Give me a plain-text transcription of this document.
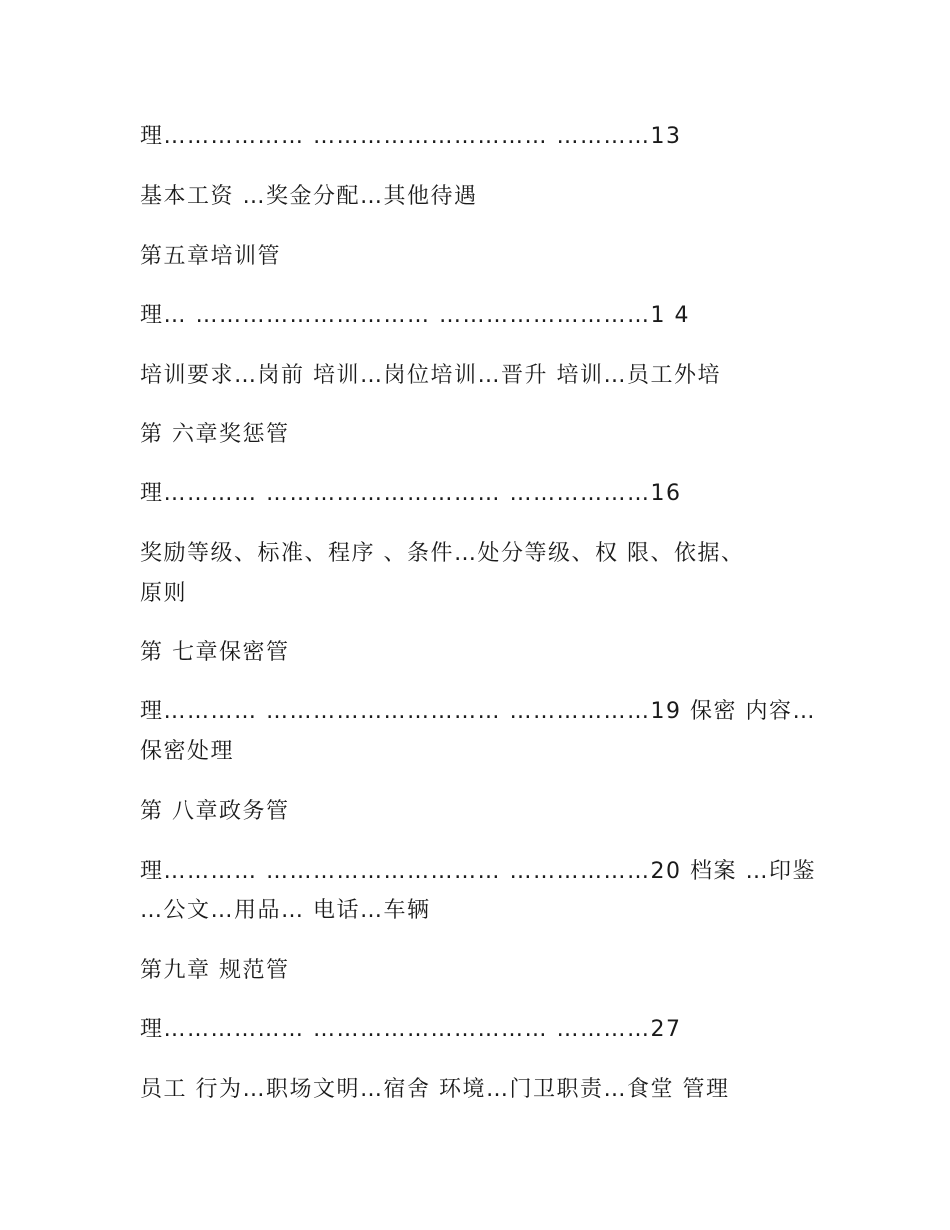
理……………… ………………………… …………13
基本工资 …奖金分配…其他待遇
第五章培训管
理… ………………………… ………………………1 4
培训要求…岗前 培训…岗位培训…晋升 培训…员工外培
第 六章奖惩管
理………… ………………………… ………………16
奖励等级、标准、程序 、条件…处分等级、权 限、依据、
原则
第 七章保密管
理………… ………………………… ………………19 保密 内容…
保密处理
第 八章政务管
理………… ………………………… ………………20 档案 …印鉴
…公文…用品… 电话…车辆
第九章 规范管
理……………… ………………………… …………27
员工 行为…职场文明…宿舍 环境…门卫职责…食堂 管理
